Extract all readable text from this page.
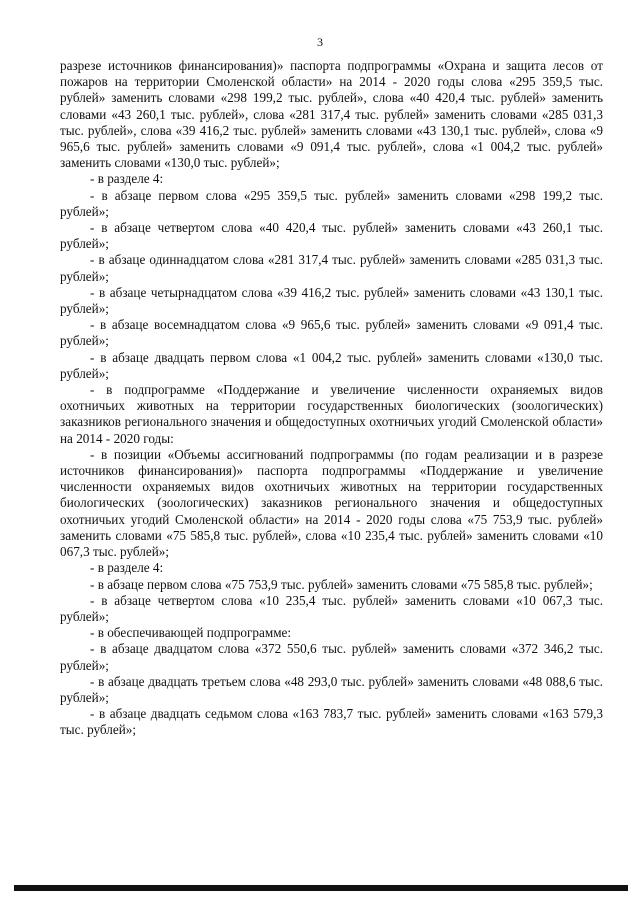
3

разрезе источников финансирования)» паспорта подпрограммы «Охрана и защита лесов от пожаров на территории Смоленской области» на 2014 - 2020 годы слова «295 359,5 тыс. рублей» заменить словами «298 199,2 тыс. рублей», слова «40 420,4 тыс. рублей» заменить словами «43 260,1 тыс. рублей», слова «281 317,4 тыс. рублей» заменить словами «285 031,3 тыс. рублей», слова «39 416,2 тыс. рублей» заменить словами «43 130,1 тыс. рублей», слова «9 965,6 тыс. рублей» заменить словами «9 091,4 тыс. рублей», слова «1 004,2 тыс. рублей» заменить словами «130,0 тыс. рублей»;

- в разделе 4:

- в абзаце первом слова «295 359,5 тыс. рублей» заменить словами «298 199,2 тыс. рублей»;

- в абзаце четвертом слова «40 420,4 тыс. рублей» заменить словами «43 260,1 тыс. рублей»;

- в абзаце одиннадцатом слова «281 317,4 тыс. рублей» заменить словами «285 031,3 тыс. рублей»;

- в абзаце четырнадцатом слова «39 416,2 тыс. рублей» заменить словами «43 130,1 тыс. рублей»;

- в абзаце восемнадцатом слова «9 965,6 тыс. рублей» заменить словами «9 091,4 тыс. рублей»;

- в абзаце двадцать первом слова «1 004,2 тыс. рублей» заменить словами «130,0 тыс. рублей»;

- в подпрограмме «Поддержание и увеличение численности охраняемых видов охотничьих животных на территории государственных биологических (зоологических) заказников регионального значения и общедоступных охотничьих угодий Смоленской области» на 2014 - 2020 годы:

- в позиции «Объемы ассигнований подпрограммы (по годам реализации и в разрезе источников финансирования)» паспорта подпрограммы «Поддержание и увеличение численности охраняемых видов охотничьих животных на территории государственных биологических (зоологических) заказников регионального значения и общедоступных охотничьих угодий Смоленской области» на 2014 - 2020 годы слова «75 753,9 тыс. рублей» заменить словами «75 585,8 тыс. рублей», слова «10 235,4 тыс. рублей» заменить словами «10 067,3 тыс. рублей»;

- в разделе 4:

- в абзаце первом слова «75 753,9 тыс. рублей» заменить словами «75 585,8 тыс. рублей»;

- в абзаце четвертом слова «10 235,4 тыс. рублей» заменить словами «10 067,3 тыс. рублей»;

- в обеспечивающей подпрограмме:

- в абзаце двадцатом слова «372 550,6 тыс. рублей» заменить словами «372 346,2 тыс. рублей»;

- в абзаце двадцать третьем слова «48 293,0 тыс. рублей» заменить словами «48 088,6 тыс. рублей»;

- в абзаце двадцать седьмом слова «163 783,7 тыс. рублей» заменить словами «163 579,3 тыс. рублей»;
